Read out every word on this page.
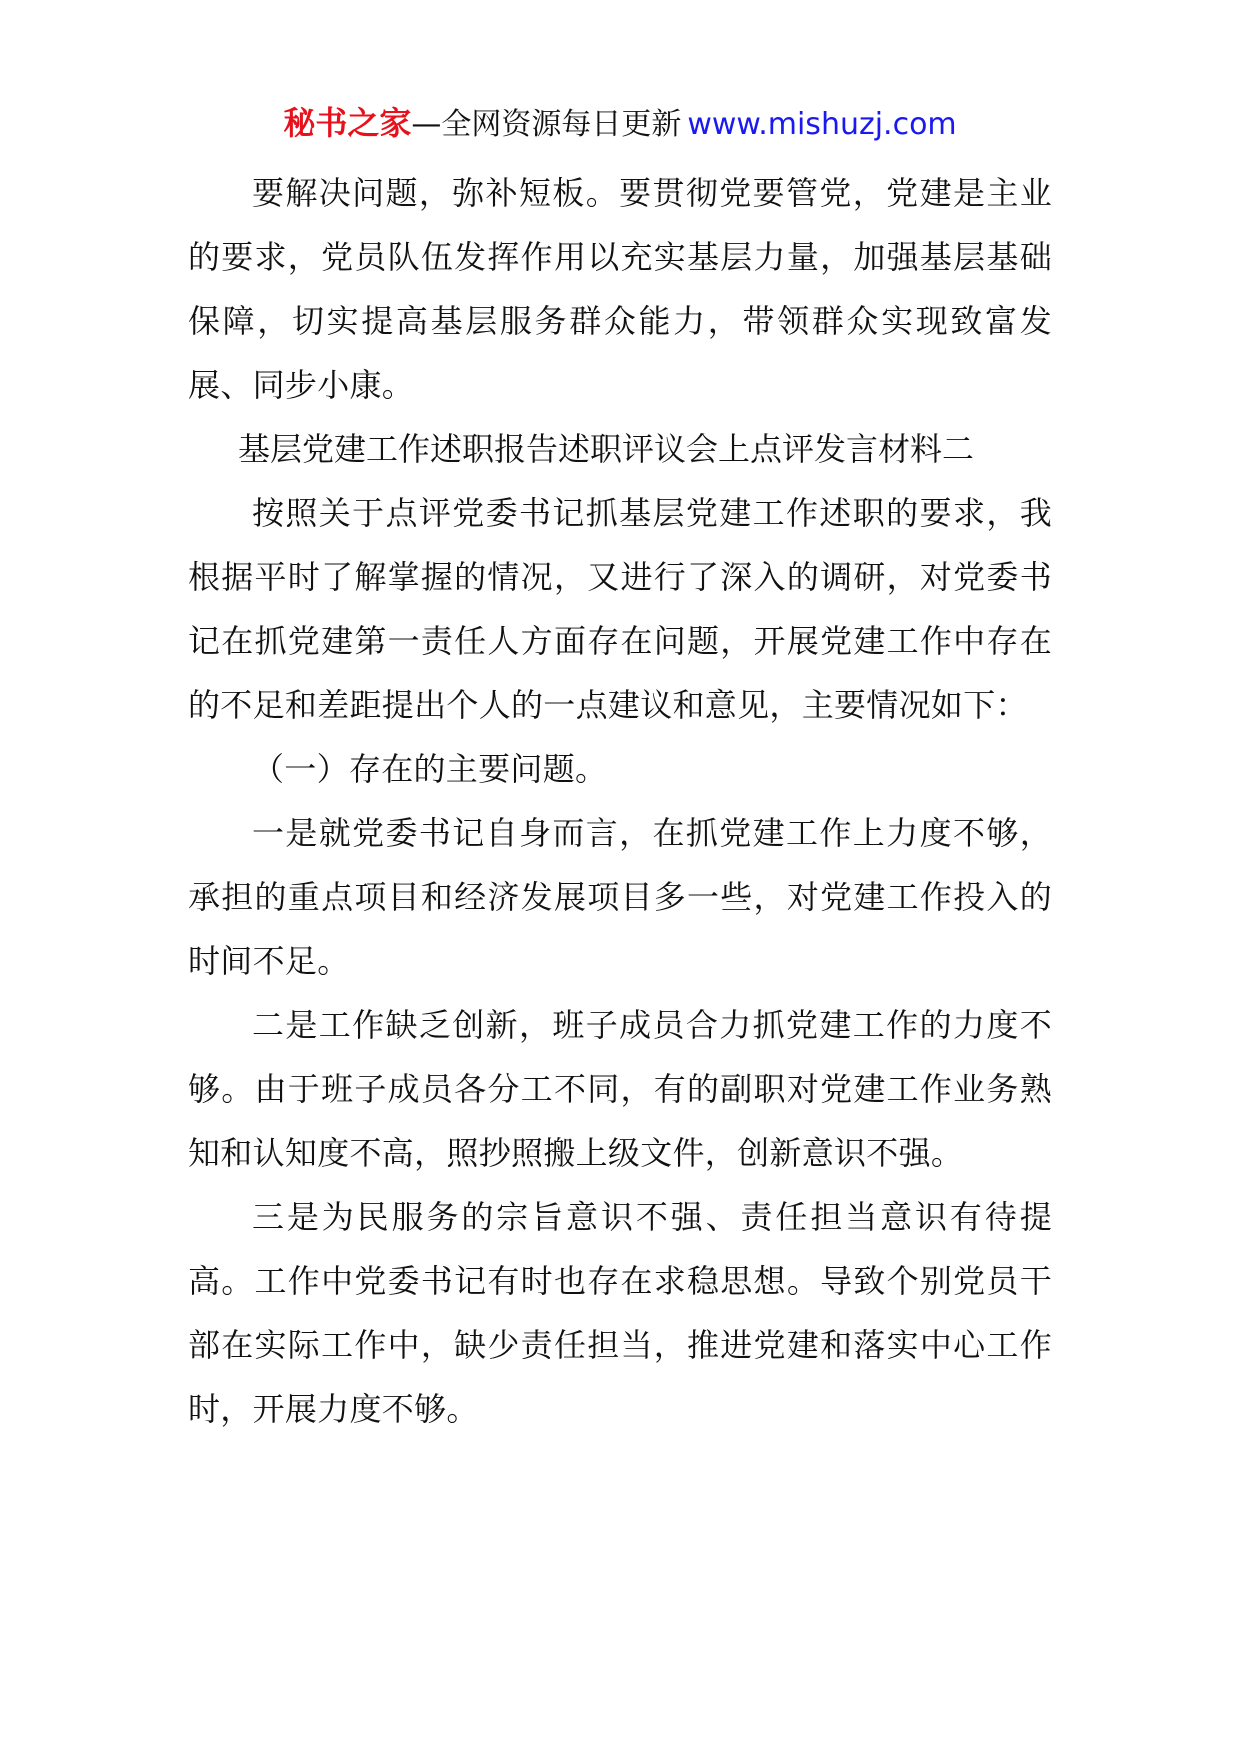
秘书之家—全网资源每日更新 www.mishuzj.com

要解决问题，弥补短板。要贯彻党要管党，党建是主业的要求，党员队伍发挥作用以充实基层力量，加强基层基础保障，切实提高基层服务群众能力，带领群众实现致富发展、同步小康。

基层党建工作述职报告述职评议会上点评发言材料二

按照关于点评党委书记抓基层党建工作述职的要求，我根据平时了解掌握的情况，又进行了深入的调研，对党委书记在抓党建第一责任人方面存在问题，开展党建工作中存在的不足和差距提出个人的一点建议和意见，主要情况如下：

（一）存在的主要问题。

一是就党委书记自身而言，在抓党建工作上力度不够，承担的重点项目和经济发展项目多一些，对党建工作投入的时间不足。

二是工作缺乏创新，班子成员合力抓党建工作的力度不够。由于班子成员各分工不同，有的副职对党建工作业务熟知和认知度不高，照抄照搬上级文件，创新意识不强。

三是为民服务的宗旨意识不强、责任担当意识有待提高。工作中党委书记有时也存在求稳思想。导致个别党员干部在实际工作中，缺少责任担当，推进党建和落实中心工作时，开展力度不够。
